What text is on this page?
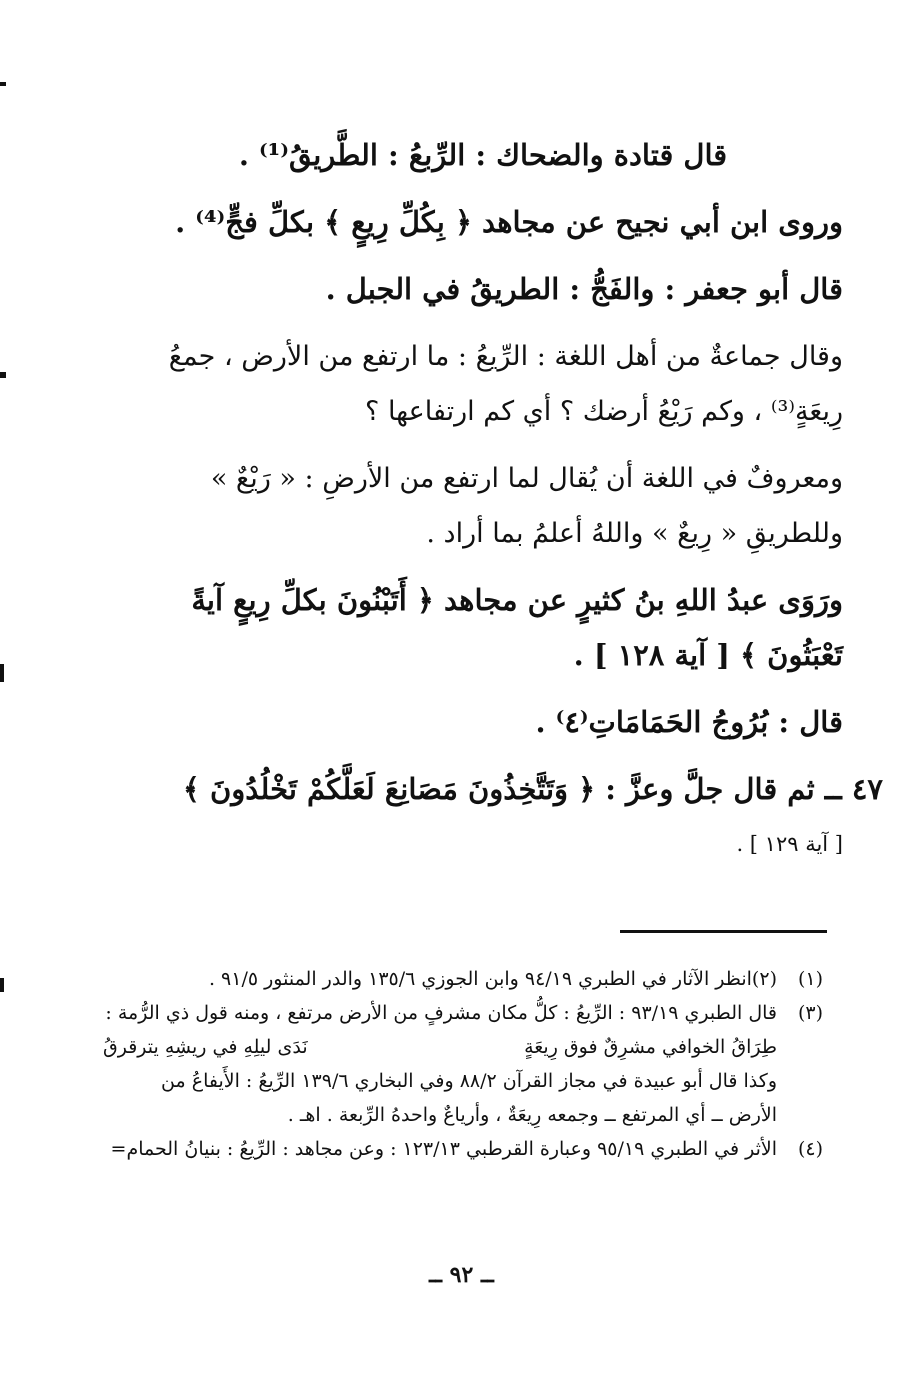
قال قتادة والضحاك : الرِّبعُ : الطَّريقُ⁽¹⁾ .

وروى ابن أبي نجيح عن مجاهد ﴿ بِكُلِّ رِيعٍ ﴾ بكلِّ فجٍّ⁽⁴⁾ .

قال أبو جعفر : والفَجُّ : الطريقُ في الجبل .

وقال جماعةٌ من أهل اللغة : الرِّيعُ : ما ارتفع من الأرض ، جمعُ
رِيعَةٍ⁽³⁾ ، وكم رَيْعُ أرضك ؟ أي كم ارتفاعها ؟

ومعروفٌ في اللغة أن يُقال لما ارتفع من الأرضِ : « رَيْعٌ »
وللطريقِ « رِيعٌ » واللهُ أعلمُ بما أراد .

ورَوَى عبدُ اللهِ بنُ كثيرٍ عن مجاهد ﴿ أَتَبْنُونَ بكلِّ رِيعٍ آيةً
تَعْبَثُونَ ﴾ [ آية ١٢٨ ] .

قال : بُرُوجُ الحَمَامَاتِ⁽٤⁾ .

٤٧ ــ ثم قال جلَّ وعزَّ : ﴿ وَتَتَّخِذُونَ مَصَانِعَ لَعَلَّكُمْ تَخْلُدُونَ ﴾
[ آية ١٢٩ ] .

(١)
(٢)انظر الآثار في الطبري ٩٤/١٩ وابن الجوزي ١٣٥/٦ والدر المنثور ٩١/٥ .
(٣)
قال الطبري ٩٣/١٩ : الرِّيعُ : كلُّ مكان مشرفٍ من الأرض مرتفع ، ومنه قول ذي الرُّمة :
طِرَاقُ الخوافي مشرِقٌ فوق رِيعَةٍ
نَدَى ليلِهِ في ريشِهِ يترقرقُ
وكذا قال أبو عبيدة في مجاز القرآن ٨٨/٢ وفي البخاري ١٣٩/٦ الرِّيعُ : الأَيفاعُ من
الأرض ــ أي المرتفع ــ وجمعه رِيعَةٌ ، وأرياعٌ واحدهُ الرِّبعة . اهـ .
(٤)
الأثر في الطبري ٩٥/١٩ وعبارة القرطبي ١٢٣/١٣ : وعن مجاهد : الرِّيعُ : بنيانُ الحمام=
ــ ٩٢ ــ
